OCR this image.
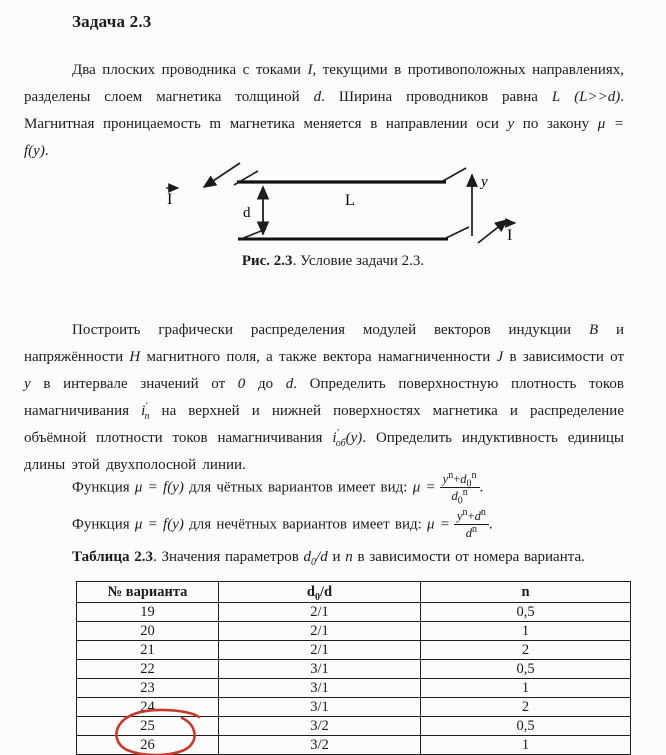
Задача 2.3

Два плоских проводника с токами I, текущими в противоположных направлениях, разделены слоем магнетика толщиной d. Ширина проводников равна L (L>>d). Магнитная проницаемость m магнетика меняется в направлении оси y по закону μ = f(y).

I
d
L
y
I
Рис. 2.3. Условие задачи 2.3.

Построить графически распределения модулей векторов индукции B и напряжённости H магнитного поля, а также вектора намагниченности J в зависимости от y в интервале значений от 0 до d. Определить поверхностную плотность токов намагничивания $i'_п$ на верхней и нижней поверхностях магнетика и распределение объёмной плотности токов намагничивания $i'_{об}(y)$. Определить индуктивность единицы длины этой двухполосной линии.

Функция μ = f(y) для чётных вариантов имеет вид: $\mu = \frac{y^n+d_0^n}{d_0^n}$ .
Функция μ = f(y) для нечётных вариантов имеет вид: $\mu = \frac{y^n+d^n}{d^n}$ .
Таблица 2.3. Значения параметров $d_0/d$ и n в зависимости от номера варианта.
№ варианта	$d_0/d$	n
19	2/1	0,5
20	2/1	1
21	2/1	2
22	3/1	0,5
23	3/1	1
24	3/1	2
25	3/2	0,5
26	3/2	1
